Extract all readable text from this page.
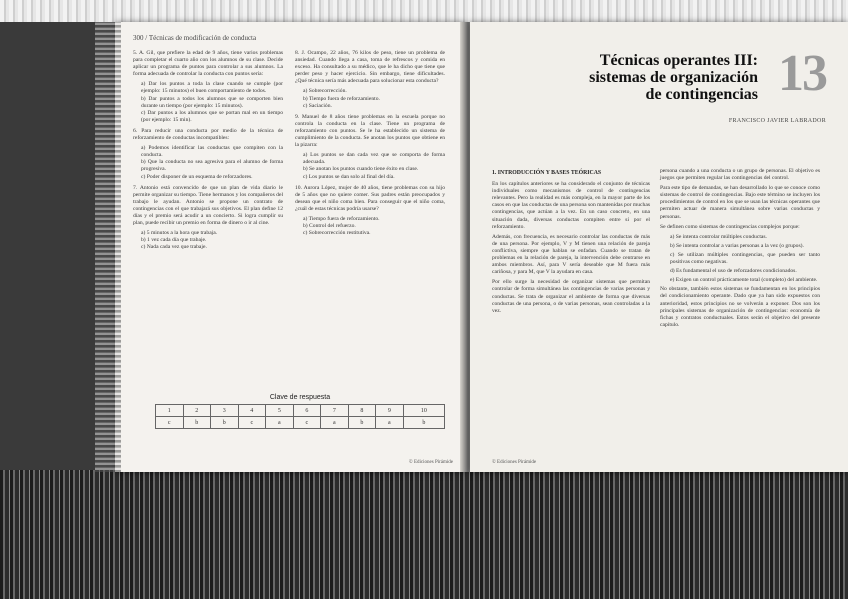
300 / Técnicas de modificación de conducta

5. A. Gil, que prefiere la edad de 9 años, tiene varios problemas para completar el cuarto año con los alumnos de su clase. Decide aplicar un programa de puntos para controlar a sus alumnos. La forma adecuada de controlar la conducta con puntos sería:

a) Dar los puntos a toda la clase cuando se cumple (por ejemplo: 15 minutos) el buen comportamiento de todos.
b) Dar puntos a todos los alumnos que se comporten bien durante un tiempo (por ejemplo: 15 minutos).
c) Dar puntos a los alumnos que se portan mal en un tiempo (por ejemplo: 15 min).

6. Para reducir una conducta por medio de la técnica de reforzamiento de conductas incompatibles:

a) Podemos identificar las conductas que compiten con la conducta.
b) Que la conducta no sea agresiva para el alumno de forma progresiva.
c) Poder disponer de un esquema de reforzadores.

7. Antonio está convencido de que un plan de vida diario le permite organizar su tiempo. Tiene hermanos y los compañeros del trabajo le ayudan. Antonio se propone un contrato de contingencias con el que trabajará sus objetivos. El plan define 12 días y el premio será acudir a un concierto. Si logra cumplir su plan, puede recibir un premio en forma de dinero o ir al cine.

a) 5 minutos a la hora que trabaja.
b) 1 vez cada día que trabaje.
c) Nada cada vez que trabaje.

8. J. Ocampo, 22 años, 76 kilos de peso, tiene un problema de ansiedad. Cuando llega a casa, toma de refrescos y comida en exceso. Ha consultado a su médico, que le ha dicho que tiene que perder peso y hacer ejercicio. Sin embargo, tiene dificultades. ¿Qué técnica sería más adecuada para solucionar esta conducta?

a) Sobrecorrección.
b) Tiempo fuera de reforzamiento.
c) Saciación.

9. Manuel de 8 años tiene problemas en la escuela porque no controla la conducta en la clase. Tiene un programa de reforzamiento con puntos. Se le ha establecido un sistema de cumplimiento de la conducta. Se anotan los puntos que obtiene en la pizarra:

a) Los puntos se dan cada vez que se comporta de forma adecuada.
b) Se anotan los puntos cuando tiene éxito en clase.
c) Los puntos se dan solo al final del día.

10. Aurora López, mujer de 40 años, tiene problemas con su hijo de 5 años que no quiere comer. Sus padres están preocupados y desean que el niño coma bien. Para conseguir que el niño coma, ¿cuál de estas técnicas podría usarse?

a) Tiempo fuera de reforzamiento.
b) Control del refuerzo.
c) Sobrecorrección restitutiva.
Clave de respuesta
1	2	3	4	5	6	7	8	9	10
c	b	b	c	a	c	a	b	a	b
© Ediciones Pirámide
Técnicas operantes III:
sistemas de organización
de contingencias 13
FRANCISCO JAVIER LABRADOR
1. INTRODUCCIÓN Y BASES TEÓRICAS

En los capítulos anteriores se ha considerado el conjunto de técnicas individuales como mecanismos de control de contingencias relevantes. Pero la realidad es más compleja, en la mayor parte de los casos en que las conductas de una persona son mantenidas por muchas contingencias, que actúan a la vez. En un caso concreto, en una situación dada, diversas conductas compiten entre sí por el reforzamiento.

Además, con frecuencia, es necesario controlar las conductas de más de una persona. Por ejemplo, V y M tienen una relación de pareja conflictiva, siempre que hablan se enfadan. Cuando se tratan de problemas en la relación de pareja, la intervención debe centrarse en ambos miembros. Así, para V sería deseable que M fuera más cariñosa, y para M, que V la ayudara en casa.

Por ello surge la necesidad de organizar sistemas que permitan controlar de forma simultánea las contingencias de varias personas y conductas. Se trata de organizar el ambiente de forma que diversas conductas de una persona, o de varias personas, sean controladas a la vez.

persona cuando a una conducta o un grupo de personas. El objetivo es juegos que permiten regular las contingencias del control.

Para este tipo de demandas, se han desarrollado lo que se conoce como sistemas de control de contingencias. Bajo este término se incluyen los procedimientos de control en los que se usan las técnicas operantes que permiten actuar de manera simultánea sobre varias conductas y personas.

Se definen como sistemas de contingencias complejos porque:

a) Se intenta controlar múltiples conductas.
b) Se intenta controlar a varias personas a la vez (o grupos).
c) Se utilizan múltiples contingencias, que pueden ser tanto positivas como negativas.
d) Es fundamental el uso de reforzadores condicionados.
e) Exigen un control prácticamente total (completo) del ambiente.

No obstante, también estos sistemas se fundamentan en los principios del condicionamiento operante. Dado que ya han sido expuestos con anterioridad, estos principios no se volverán a exponer. Dos son los principales sistemas de organización de contingencias: economía de fichas y contratos conductuales. Estos serán el objetivo del presente capítulo.

© Ediciones Pirámide
